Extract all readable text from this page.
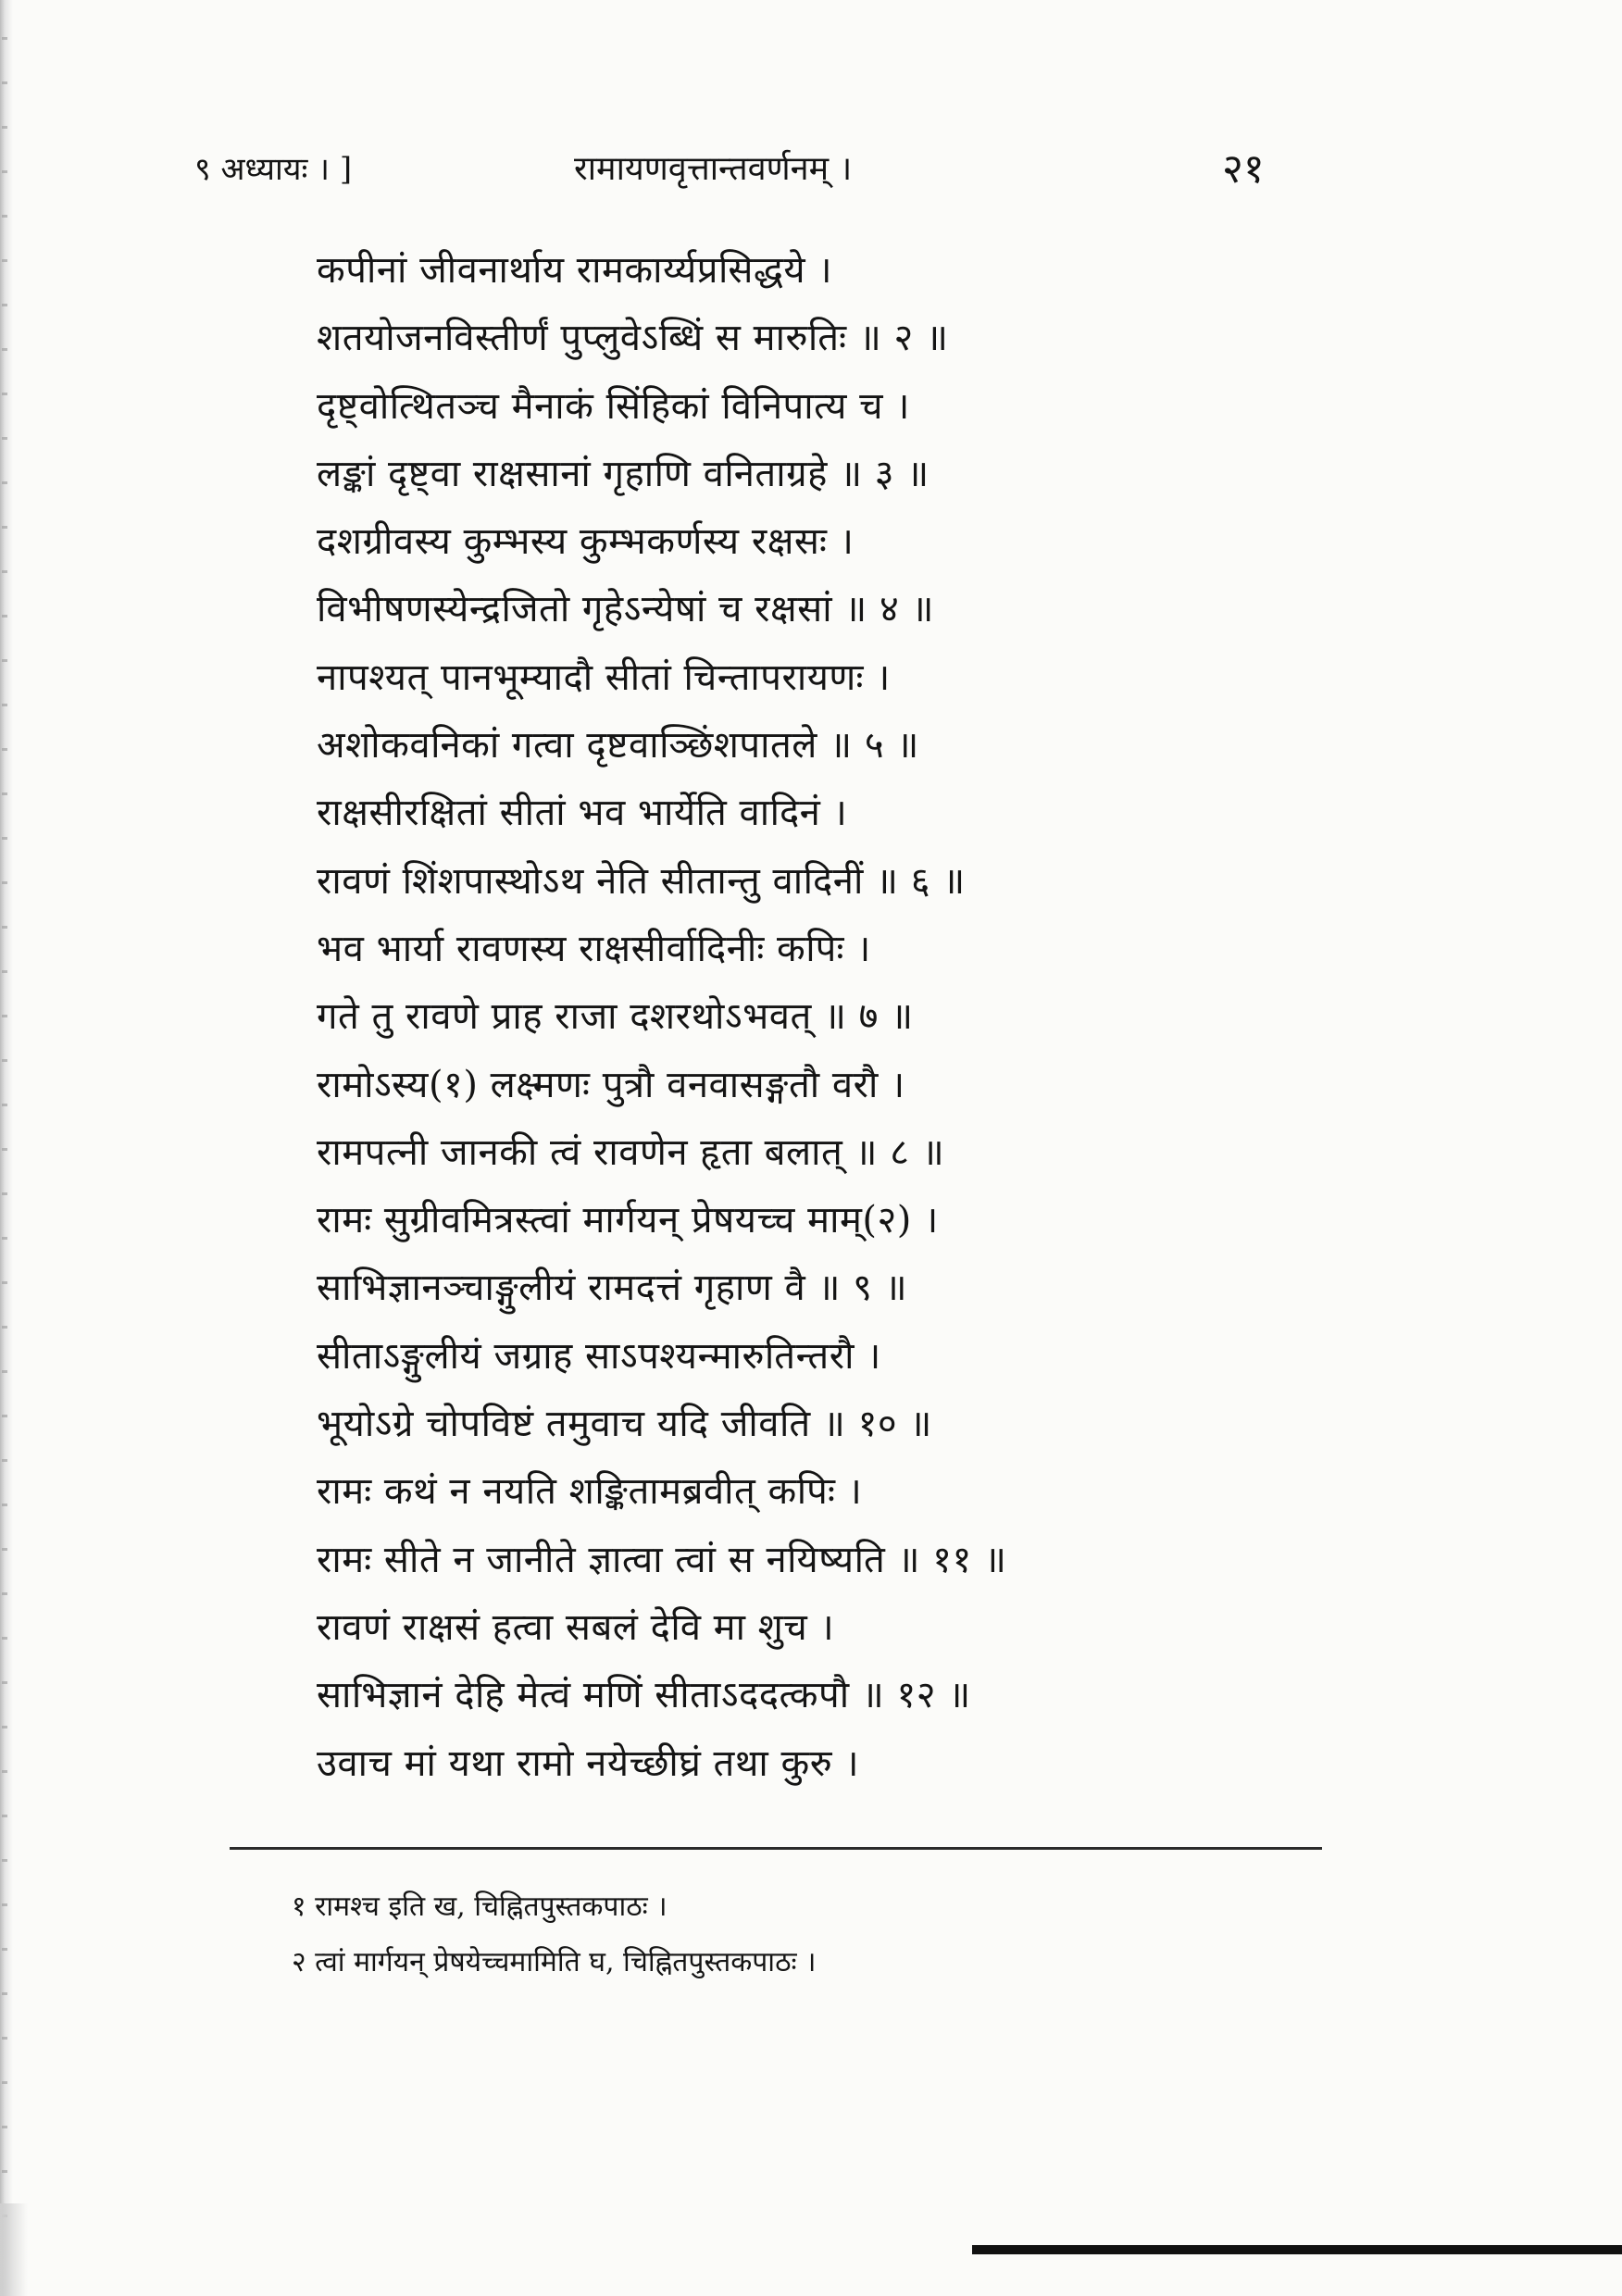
९ अध्यायः । ]	रामायणवृत्तान्तवर्णनम् ।	२१
कपीनां जीवनार्थाय रामकार्य्यप्रसिद्धये ।
शतयोजनविस्तीर्णं पुप्लुवेऽब्धिं स मारुतिः ॥ २ ॥
दृष्ट्वोत्थितञ्च मैनाकं सिंहिकां विनिपात्य च ।
लङ्कां दृष्ट्वा राक्षसानां गृहाणि वनिताग्रहे ॥ ३ ॥
दशग्रीवस्य कुम्भस्य कुम्भकर्णस्य रक्षसः ।
विभीषणस्येन्द्रजितो गृहेऽन्येषां च रक्षसां ॥ ४ ॥
नापश्यत् पानभूम्यादौ सीतां चिन्तापरायणः ।
अशोकवनिकां गत्वा दृष्टवाञ्छिंशपातले ॥ ५ ॥
राक्षसीरक्षितां सीतां भव भार्येति वादिनं ।
रावणं शिंशपास्थोऽथ नेति सीतान्तु वादिनीं ॥ ६ ॥
भव भार्या रावणस्य राक्षसीर्वादिनीः कपिः ।
गते तु रावणे प्राह राजा दशरथोऽभवत् ॥ ७ ॥
रामोऽस्य(१) लक्ष्मणः पुत्रौ वनवासङ्गतौ वरौ ।
रामपत्नी जानकी त्वं रावणेन हृता बलात् ॥ ८ ॥
रामः सुग्रीवमित्रस्त्वां मार्गयन् प्रेषयच्च माम्(२) ।
साभिज्ञानञ्चाङ्गुलीयं रामदत्तं गृहाण वै ॥ ९ ॥
सीताऽङ्गुलीयं जग्राह साऽपश्यन्मारुतिन्तरौ ।
भूयोऽग्रे चोपविष्टं तमुवाच यदि जीवति ॥ १० ॥
रामः कथं न नयति शङ्कितामब्रवीत् कपिः ।
रामः सीते न जानीते ज्ञात्वा त्वां स नयिष्यति ॥ ११ ॥
रावणं राक्षसं हत्वा सबलं देवि मा शुच ।
साभिज्ञानं देहि मेत्वं मणिं सीताऽददत्कपौ ॥ १२ ॥
उवाच मां यथा रामो नयेच्छीघ्रं तथा कुरु ।
१ रामश्च इति ख, चिह्नितपुस्तकपाठः ।
२ त्वां मार्गयन् प्रेषयेच्चमामिति घ, चिह्नितपुस्तकपाठः ।
